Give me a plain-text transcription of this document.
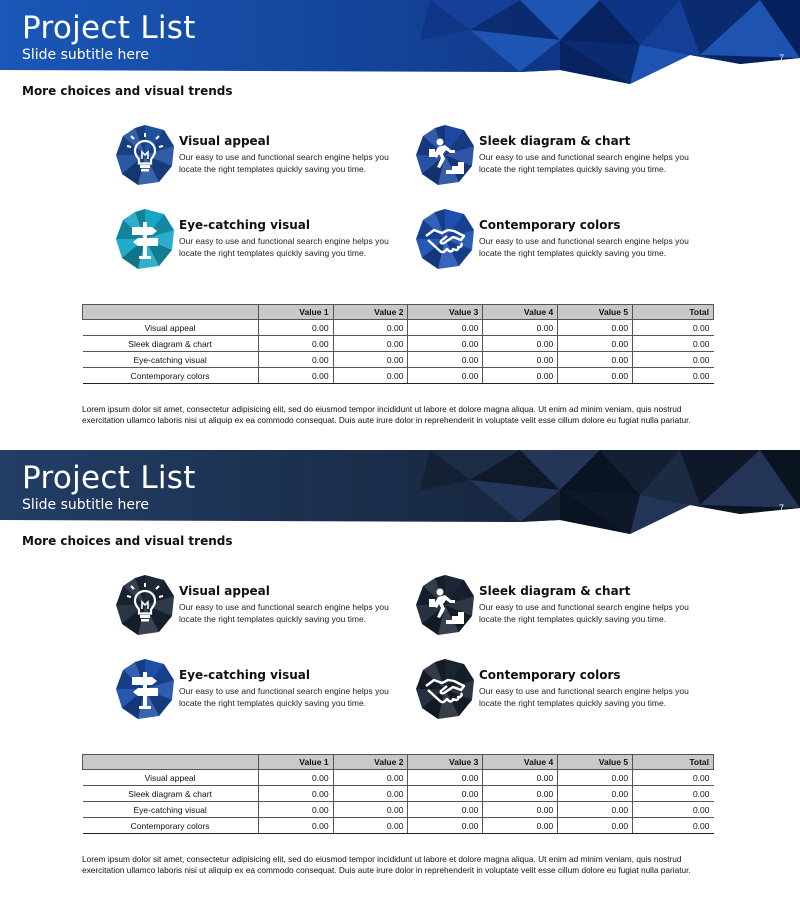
Project List
Slide subtitle here	7
More choices and visual trends
Visual appeal
Our easy to use and functional search engine helps you locate the right templates quickly saving you time.
Sleek diagram & chart
Our easy to use and functional search engine helps you locate the right templates quickly saving you time.
Eye-catching visual
Our easy to use and functional search engine helps you locate the right templates quickly saving you time.
Contemporary colors
Our easy to use and functional search engine helps you locate the right templates quickly saving you time.
	Value 1	Value 2	Value 3	Value 4	Value 5	Total
Visual appeal	0.00	0.00	0.00	0.00	0.00	0.00
Sleek diagram & chart	0.00	0.00	0.00	0.00	0.00	0.00
Eye-catching visual	0.00	0.00	0.00	0.00	0.00	0.00
Contemporary colors	0.00	0.00	0.00	0.00	0.00	0.00
Lorem ipsum dolor sit amet, consectetur adipisicing elit, sed do eiusmod tempor incididunt ut labore et dolore magna aliqua. Ut enim ad minim veniam, quis nostrud exercitation ullamco laboris nisi ut aliquip ex ea commodo consequat. Duis aute irure dolor in reprehenderit in voluptate velit esse cillum dolore eu fugiat nulla pariatur.
Project List
Slide subtitle here	7
More choices and visual trends
Visual appeal
Our easy to use and functional search engine helps you locate the right templates quickly saving you time.
Sleek diagram & chart
Our easy to use and functional search engine helps you locate the right templates quickly saving you time.
Eye-catching visual
Our easy to use and functional search engine helps you locate the right templates quickly saving you time.
Contemporary colors
Our easy to use and functional search engine helps you locate the right templates quickly saving you time.
	Value 1	Value 2	Value 3	Value 4	Value 5	Total
Visual appeal	0.00	0.00	0.00	0.00	0.00	0.00
Sleek diagram & chart	0.00	0.00	0.00	0.00	0.00	0.00
Eye-catching visual	0.00	0.00	0.00	0.00	0.00	0.00
Contemporary colors	0.00	0.00	0.00	0.00	0.00	0.00
Lorem ipsum dolor sit amet, consectetur adipisicing elit, sed do eiusmod tempor incididunt ut labore et dolore magna aliqua. Ut enim ad minim veniam, quis nostrud exercitation ullamco laboris nisi ut aliquip ex ea commodo consequat. Duis aute irure dolor in reprehenderit in voluptate velit esse cillum dolore eu fugiat nulla pariatur.
